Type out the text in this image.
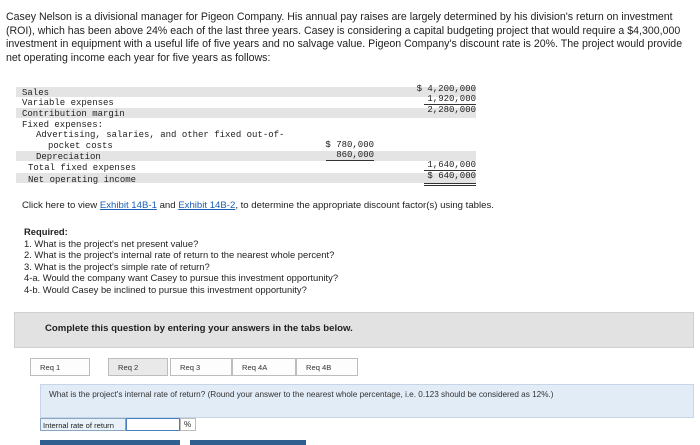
Casey Nelson is a divisional manager for Pigeon Company. His annual pay raises are largely determined by his division's return on investment (ROI), which has been above 24% each of the last three years. Casey is considering a capital budgeting project that would require a $4,300,000 investment in equipment with a useful life of five years and no salvage value. Pigeon Company's discount rate is 20%. The project would provide net operating income each year for five years as follows:

Sales	$ 4,200,000
Variable expenses	1,920,000
Contribution margin	2,280,000
Fixed expenses:
Advertising, salaries, and other fixed out-of-
pocket costs	$ 780,000
Depreciation	860,000
Total fixed expenses	1,640,000
Net operating income	$ 640,000
Click here to view Exhibit 14B-1 and Exhibit 14B-2, to determine the appropriate discount factor(s) using tables.
Required:
1. What is the project's net present value?
2. What is the project's internal rate of return to the nearest whole percent?
3. What is the project's simple rate of return?
4-a. Would the company want Casey to pursue this investment opportunity?
4-b. Would Casey be inclined to pursue this investment opportunity?
Complete this question by entering your answers in the tabs below.
Req 1	Req 2	Req 3	Req 4A	Req 4B
What is the project's internal rate of return? (Round your answer to the nearest whole percentage, i.e. 0.123 should be considered as 12%.)
Internal rate of return	%
